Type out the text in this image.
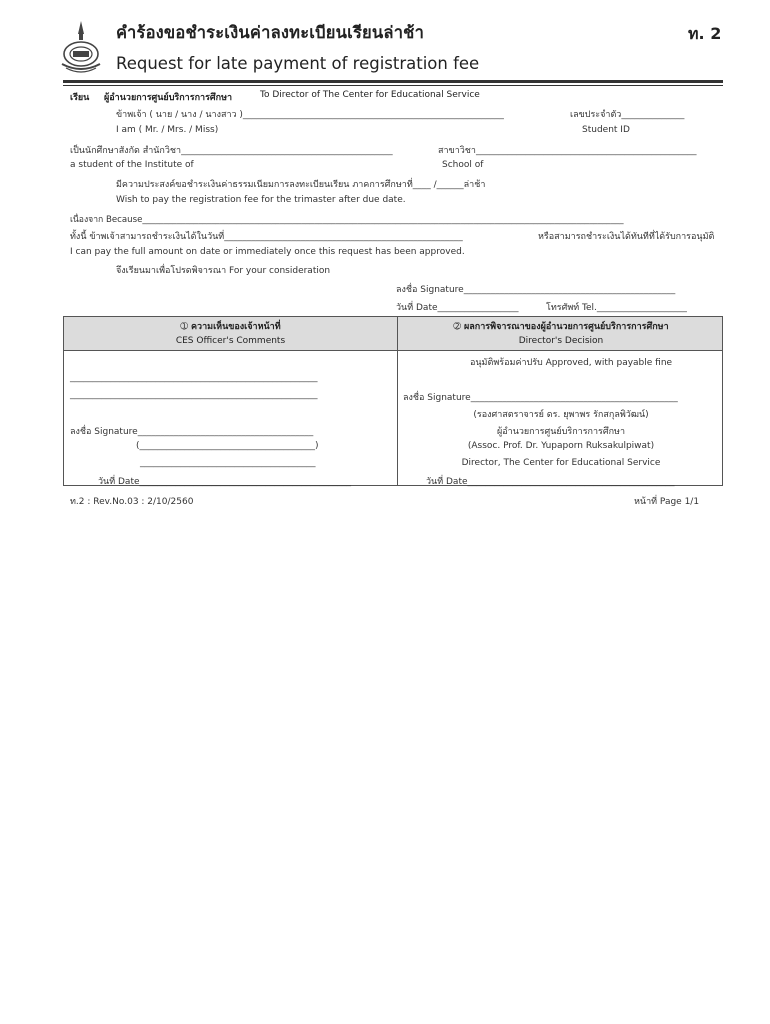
คำร้องขอชำระเงินค่าลงทะเบียนเรียนล่าช้า
Request for late payment of registration fee
ท. 2
เรียน ผู้อำนวยการศูนย์บริการการศึกษา	To Director of The Center for Educational Service
ข้าพเจ้า ( นาย / นาง / นางสาว )__________________________________________________________	เลขประจำตัว______________
I am ( Mr. / Mrs. / Miss)	Student ID
เป็นนักศึกษาสังกัด สำนักวิชา_______________________________________________	สาขาวิชา_________________________________________________
a student of the Institute of	School of
มีความประสงค์ขอชำระเงินค่าธรรมเนียมการลงทะเบียนเรียน ภาคการศึกษาที่____ /______ล่าช้า
Wish to pay the registration fee for the trimaster after due date.
เนื่องจาก Because________________________________________________________________________________________________________________
ทั้งนี้ ข้าพเจ้าสามารถชำระเงินได้ในวันที่_____________________________________________________	หรือสามารถชำระเงินได้ทันทีที่ได้รับการอนุมัติ
I can pay the full amount on date or immediately once this request has been approved.
จึงเรียนมาเพื่อโปรดพิจารณา For your consideration
ลงชื่อ Signature_______________________________________________
วันที่ Date__________________	โทรศัพท์ Tel.____________________
➀ ความเห็นของเจ้าหน้าที่
CES Officer's Comments
➁ ผลการพิจารณาของผู้อำนวยการศูนย์บริการการศึกษา
Director's Decision
_______________________________________________________
_______________________________________________________
ลงชื่อ Signature_______________________________________
(_______________________________________)
_______________________________________
วันที่ Date_______________________________________________
อนุมัติพร้อมค่าปรับ Approved, with payable fine
ลงชื่อ Signature______________________________________________
(รองศาสตราจารย์ ดร. ยุพาพร รักสกุลพิวัฒน์)
ผู้อำนวยการศูนย์บริการการศึกษา
(Assoc. Prof. Dr. Yupaporn Ruksakulpiwat)
Director, The Center for Educational Service
วันที่ Date______________________________________________
ท.2 : Rev.No.03 : 2/10/2560	หน้าที่ Page 1/1
